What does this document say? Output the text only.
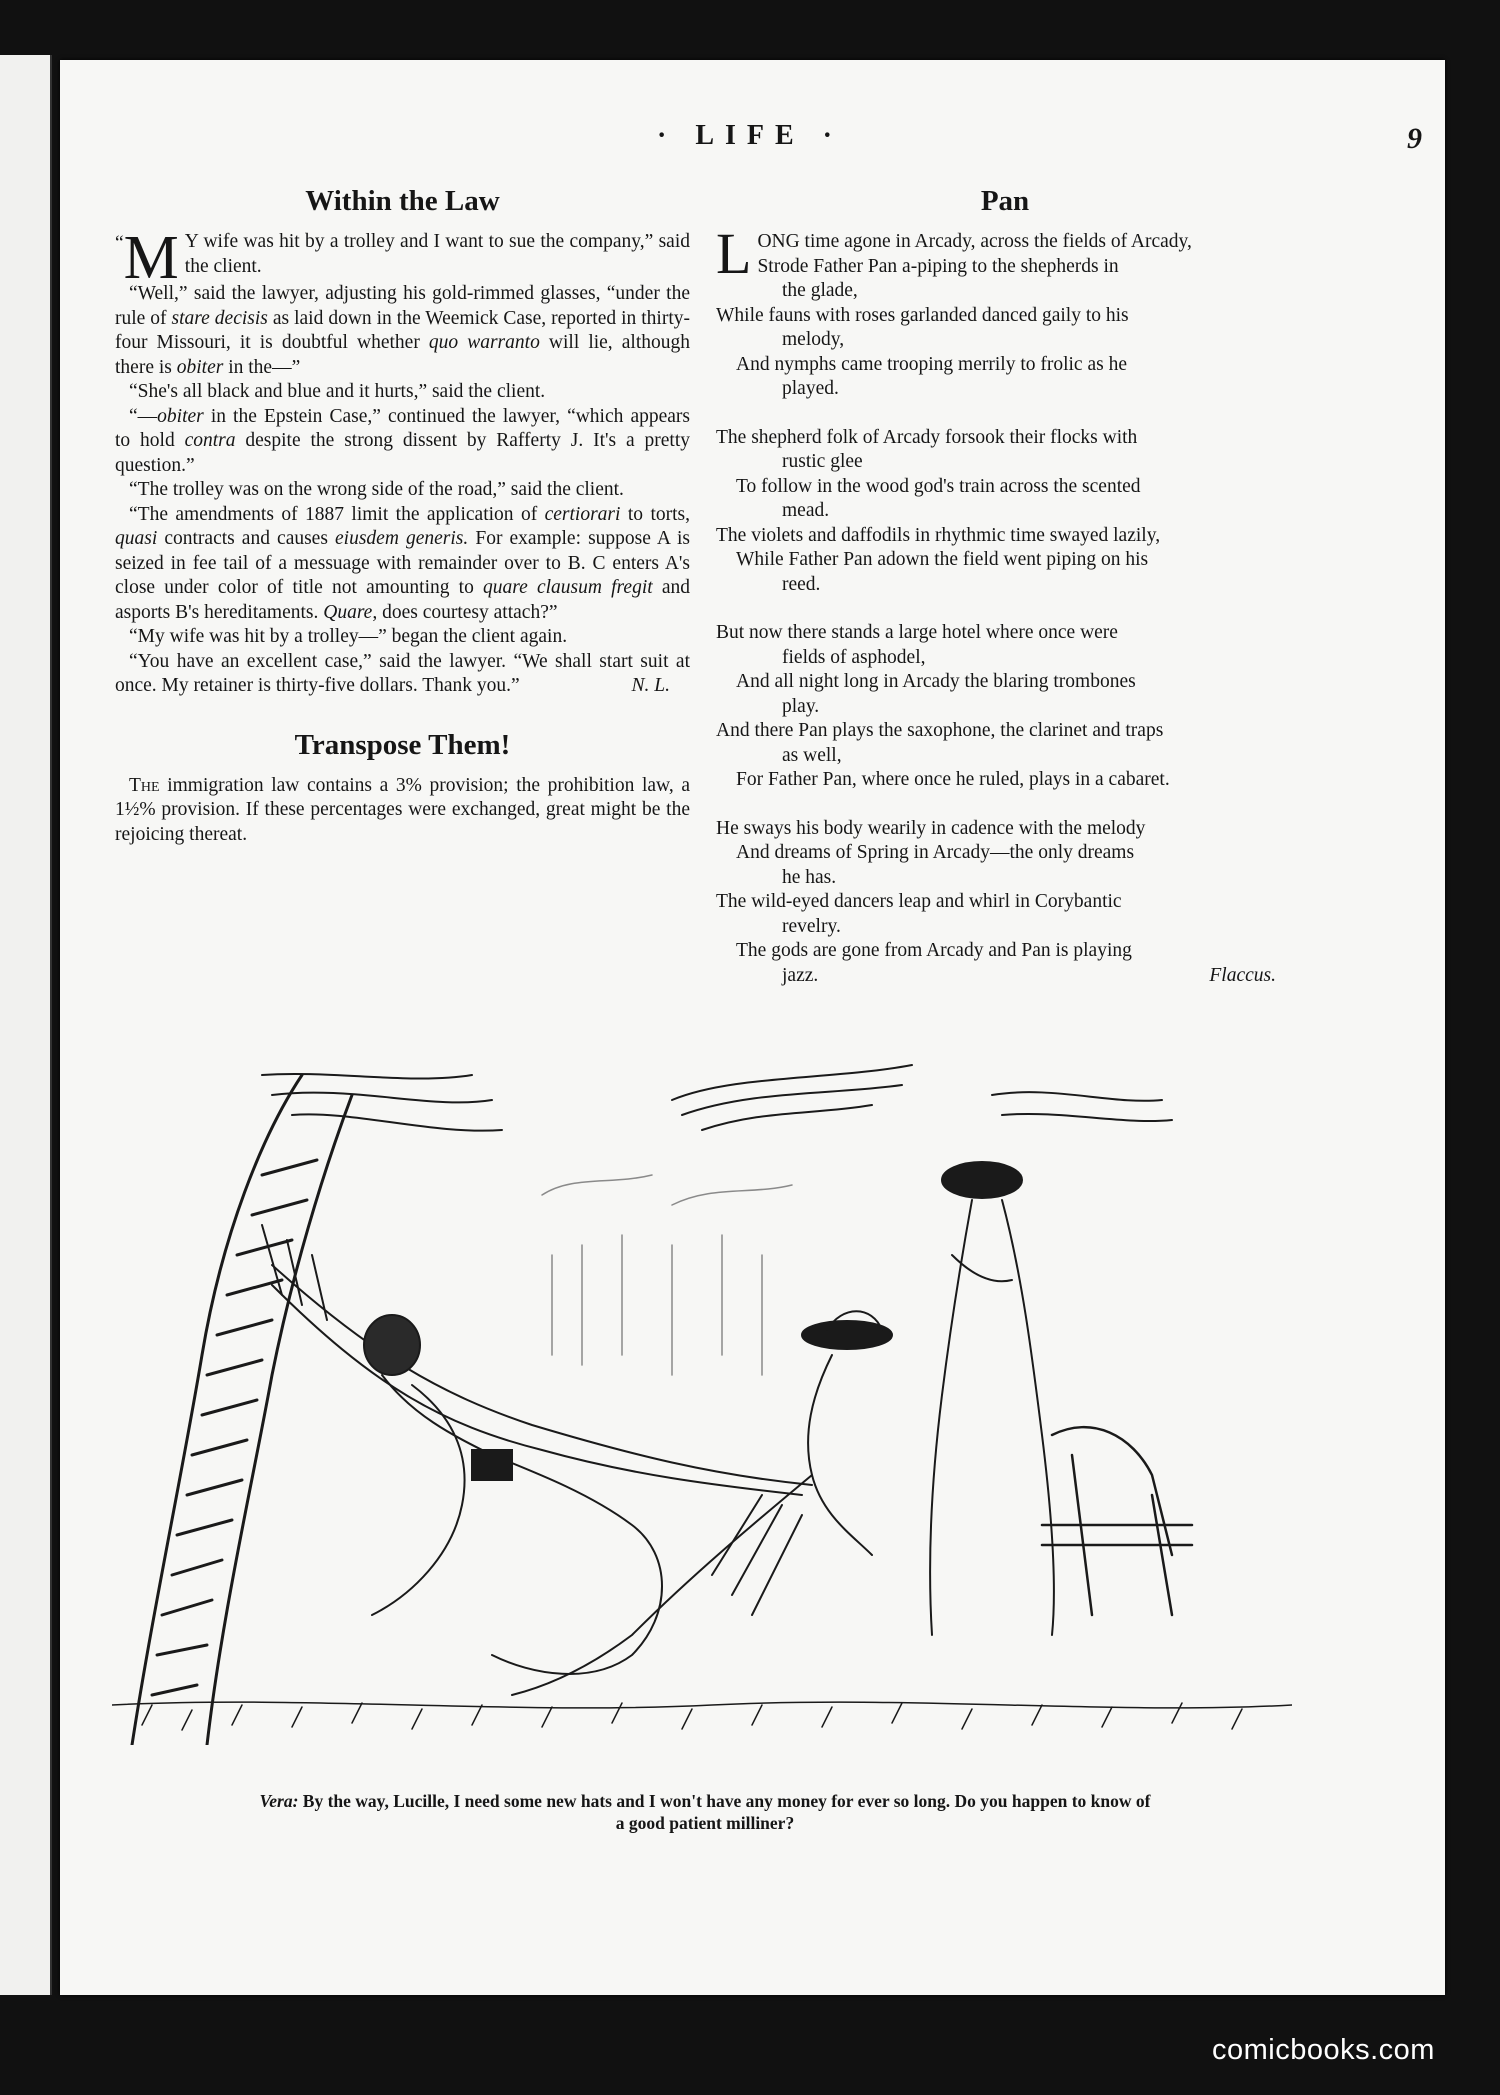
· LIFE ·	9
Within the Law

“ M Y wife was hit by a trolley and I want to sue the company,” said the client.

“Well,” said the lawyer, adjusting his gold-rimmed glasses, “under the rule of stare decisis as laid down in the Weemick Case, reported in thirty-four Missouri, it is doubtful whether quo warranto will lie, although there is obiter in the—”

“She's all black and blue and it hurts,” said the client.

“—obiter in the Epstein Case,” continued the lawyer, “which appears to hold contra despite the strong dissent by Rafferty J. It's a pretty question.”

“The trolley was on the wrong side of the road,” said the client.

“The amendments of 1887 limit the application of certiorari to torts, quasi contracts and causes eiusdem generis. For example: suppose A is seized in fee tail of a messuage with remainder over to B. C enters A's close under color of title not amounting to quare clausum fregit and asports B's hereditaments. Quare, does courtesy attach?”

“My wife was hit by a trolley—” began the client again.

“You have an excellent case,” said the lawyer. “We shall start suit at once. My retainer is thirty-five dollars. Thank you.”	N. L.

Transpose Them!

The immigration law contains a 3% provision; the prohibition law, a 1½% provision. If these percentages were exchanged, great might be the rejoicing thereat.

Pan
LONG time agone in Arcady, across the fields of Arcady,
Strode Father Pan a-piping to the shepherds in
the glade,
While fauns with roses garlanded danced gaily to his
melody,
And nymphs came trooping merrily to frolic as he
played.
The shepherd folk of Arcady forsook their flocks with
rustic glee
To follow in the wood god's train across the scented
mead.
The violets and daffodils in rhythmic time swayed lazily,
While Father Pan adown the field went piping on his
reed.
But now there stands a large hotel where once were
fields of asphodel,
And all night long in Arcady the blaring trombones
play.
And there Pan plays the saxophone, the clarinet and traps
as well,
For Father Pan, where once he ruled, plays in a cabaret.
He sways his body wearily in cadence with the melody
And dreams of Spring in Arcady—the only dreams
he has.
The wild-eyed dancers leap and whirl in Corybantic
revelry.
The gods are gone from Arcady and Pan is playing
jazz.	Flaccus.
Vera: By the way, Lucille, I need some new hats and I won't have any money for ever so long. Do you happen to know of a good patient milliner?
comicbooks.com
